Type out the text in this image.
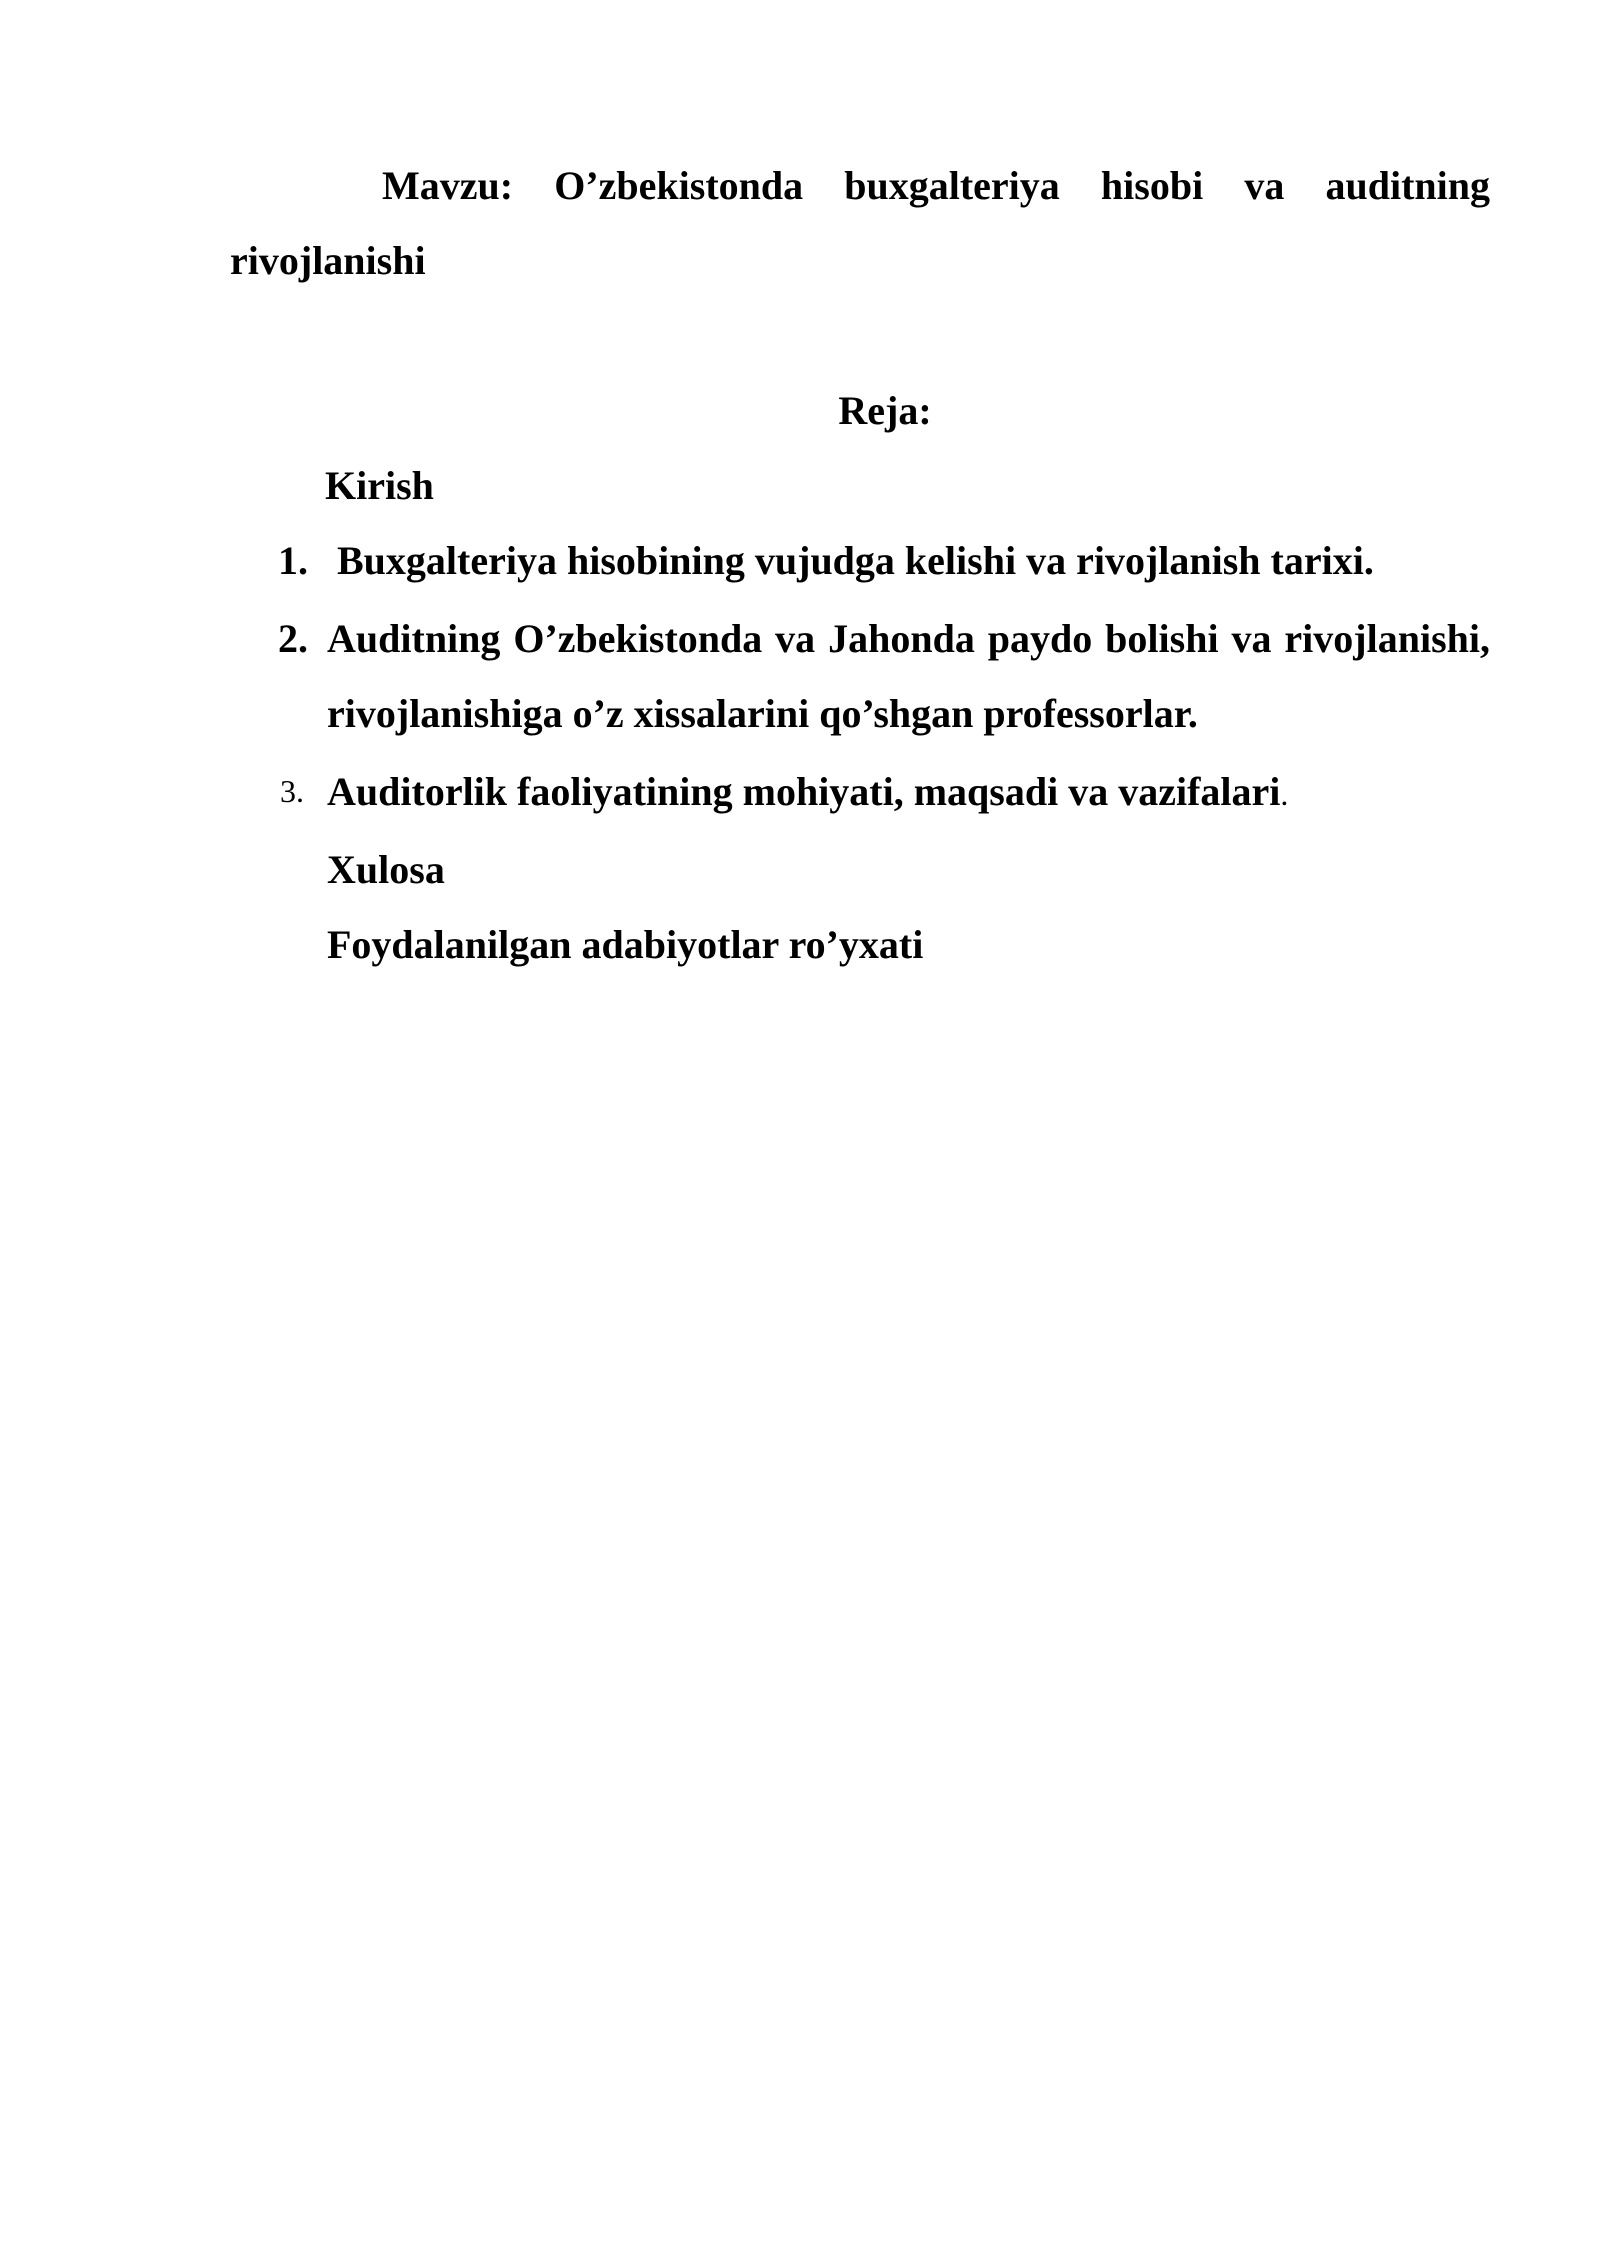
Mavzu: O’zbekistonda buxgalteriya hisobi va auditning rivojlanishi

Reja:

Kirish

1. Buxgalteriya hisobining vujudga kelishi va rivojlanish tarixi.
2. Auditning O’zbekistonda va Jahonda paydo bolishi va rivojlanishi, rivojlanishiga o’z xissalarini qo’shgan professorlar.
3. Auditorlik faoliyatining mohiyati, maqsadi va vazifalari.

Xulosa

Foydalanilgan adabiyotlar ro’yxati
